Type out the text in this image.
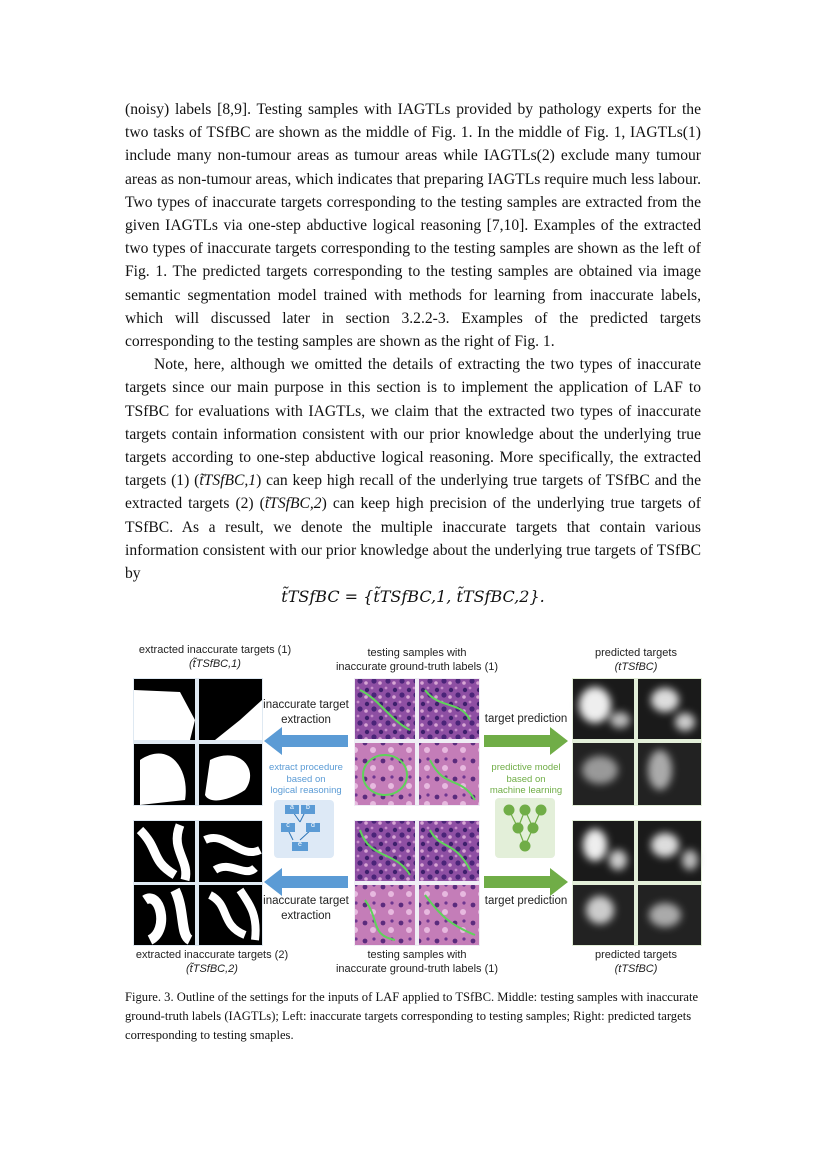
(noisy) labels [8,9]. Testing samples with IAGTLs provided by pathology experts for the two tasks of TSfBC are shown as the middle of Fig. 1. In the middle of Fig. 1, IAGTLs(1) include many non-tumour areas as tumour areas while IAGTLs(2) exclude many tumour areas as non-tumour areas, which indicates that preparing IAGTLs require much less labour. Two types of inaccurate targets corresponding to the testing samples are extracted from the given IAGTLs via one-step abductive logical reasoning [7,10]. Examples of the extracted two types of inaccurate targets corresponding to the testing samples are shown as the left of Fig. 1. The predicted targets corresponding to the testing samples are obtained via image semantic segmentation model trained with methods for learning from inaccurate labels, which will discussed later in section 3.2.2-3. Examples of the predicted targets corresponding to the testing samples are shown as the right of Fig. 1.

Note, here, although we omitted the details of extracting the two types of inaccurate targets since our main purpose in this section is to implement the application of LAF to TSfBC for evaluations with IAGTLs, we claim that the extracted two types of inaccurate targets contain information consistent with our prior knowledge about the underlying true targets according to one-step abductive logical reasoning. More specifically, the extracted targets (1) (t̃TSfBC,1) can keep high recall of the underlying true targets of TSfBC and the extracted targets (2) (t̃TSfBC,2) can keep high precision of the underlying true targets of TSfBC. As a result, we denote the multiple inaccurate targets that contain various information consistent with our prior knowledge about the underlying true targets of TSfBC by

t̃TSfBC = {t̃TSfBC,1, t̃TSfBC,2}.

a	b
c	d
e
extracted inaccurate targets (1)
(t̃TSfBC,1)
testing samples with
inaccurate ground-truth labels (1)
predicted targets
(tTSfBC)
inaccurate target
extraction	target prediction
inaccurate target
extraction
target prediction
extract procedure
based on
logical reasoning
predictive model
based on
machine learning
extracted inaccurate targets (2)
(t̃TSfBC,2)
testing samples with
inaccurate ground-truth labels (1)
predicted targets
(tTSfBC)
Figure. 3. Outline of the settings for the inputs of LAF applied to TSfBC. Middle: testing samples with inaccurate ground-truth labels (IAGTLs); Left: inaccurate targets corresponding to testing samples; Right: predicted targets corresponding to testing smaples.
